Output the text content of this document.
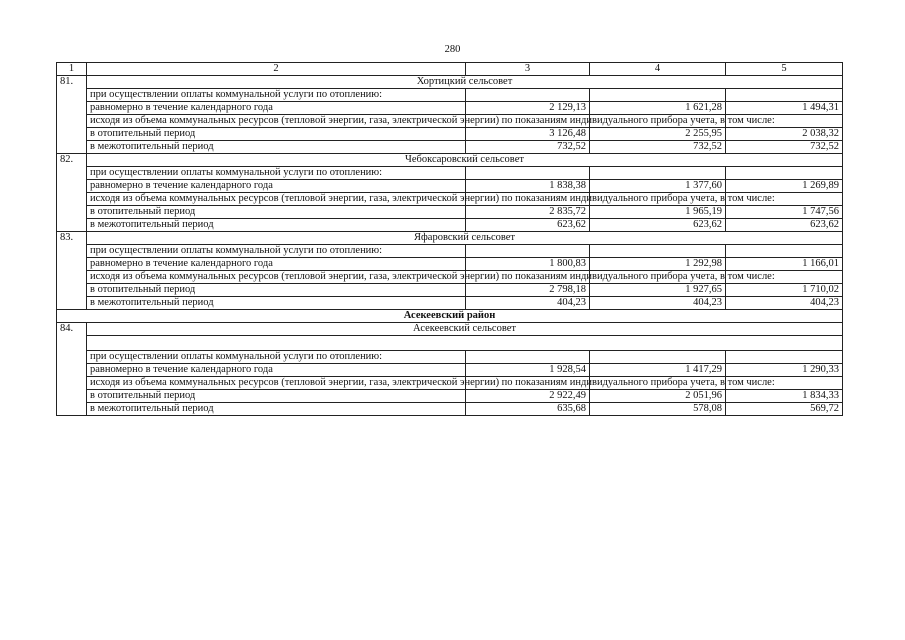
280
1	2	3	4	5
81.	Хортицкий сельсовет			
	при осуществлении оплаты коммунальной услуги по отоплению:			
	равномерно в течение календарного года	2 129,13	1 621,28	1 494,31
	исходя из объема коммунальных ресурсов (тепловой энергии, газа, электрической энергии) по показаниям индивидуального прибора учета, в том числе:			
	в отопительный период	3 126,48	2 255,95	2 038,32
	в межотопительный период	732,52	732,52	732,52
82.	Чебоксаровский сельсовет			
	при осуществлении оплаты коммунальной услуги по отоплению:			
	равномерно в течение календарного года	1 838,38	1 377,60	1 269,89
	исходя из объема коммунальных ресурсов (тепловой энергии, газа, электрической энергии) по показаниям индивидуального прибора учета, в том числе:			
	в отопительный период	2 835,72	1 965,19	1 747,56
	в межотопительный период	623,62	623,62	623,62
83.	Яфаровский сельсовет			
	при осуществлении оплаты коммунальной услуги по отоплению:			
	равномерно в течение календарного года	1 800,83	1 292,98	1 166,01
	исходя из объема коммунальных ресурсов (тепловой энергии, газа, электрической энергии) по показаниям индивидуального прибора учета, в том числе:			
	в отопительный период	2 798,18	1 927,65	1 710,02
	в межотопительный период	404,23	404,23	404,23
Асекеевский район				
84.	Асекеевский сельсовет			

	при осуществлении оплаты коммунальной услуги по отоплению:			
	равномерно в течение календарного года	1 928,54	1 417,29	1 290,33
	исходя из объема коммунальных ресурсов (тепловой энергии, газа, электрической энергии) по показаниям индивидуального прибора учета, в том числе:			
	в отопительный период	2 922,49	2 051,96	1 834,33
	в межотопительный период	635,68	578,08	569,72
